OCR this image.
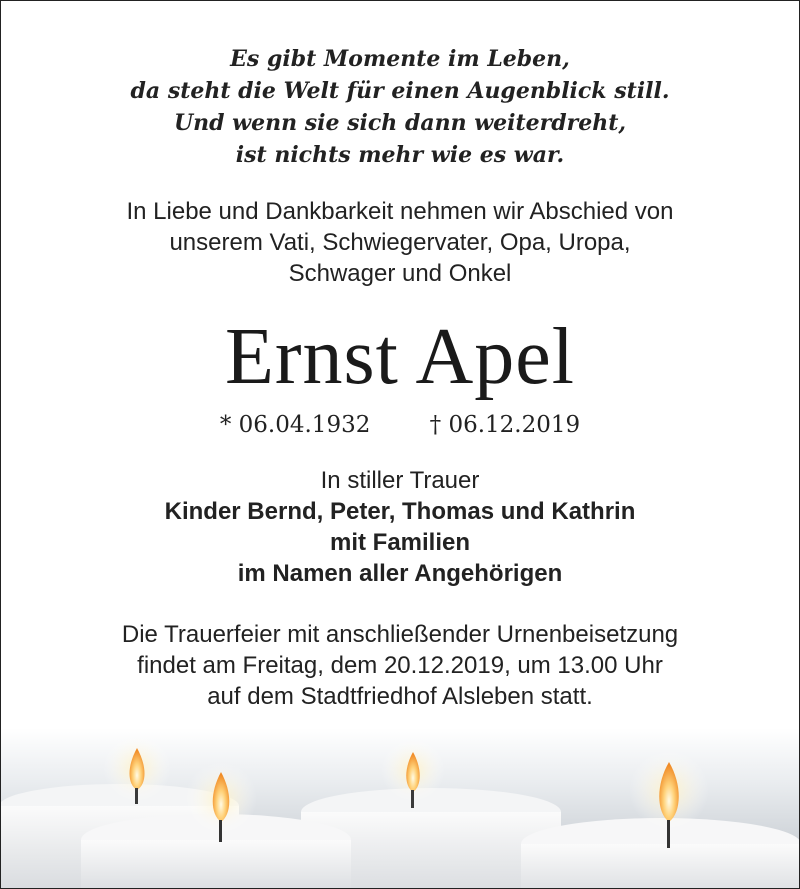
Es gibt Momente im Leben,
da steht die Welt für einen Augenblick still.
Und wenn sie sich dann weiterdreht,
ist nichts mehr wie es war.
In Liebe und Dankbarkeit nehmen wir Abschied von
unserem Vati, Schwiegervater, Opa, Uropa,
Schwager und Onkel
Ernst Apel
* 06.04.1932	† 06.12.2019
In stiller Trauer
Kinder Bernd, Peter, Thomas und Kathrin
mit Familien
im Namen aller Angehörigen
Die Trauerfeier mit anschließender Urnenbeisetzung
findet am Freitag, dem 20.12.2019, um 13.00 Uhr
auf dem Stadtfriedhof Alsleben statt.
